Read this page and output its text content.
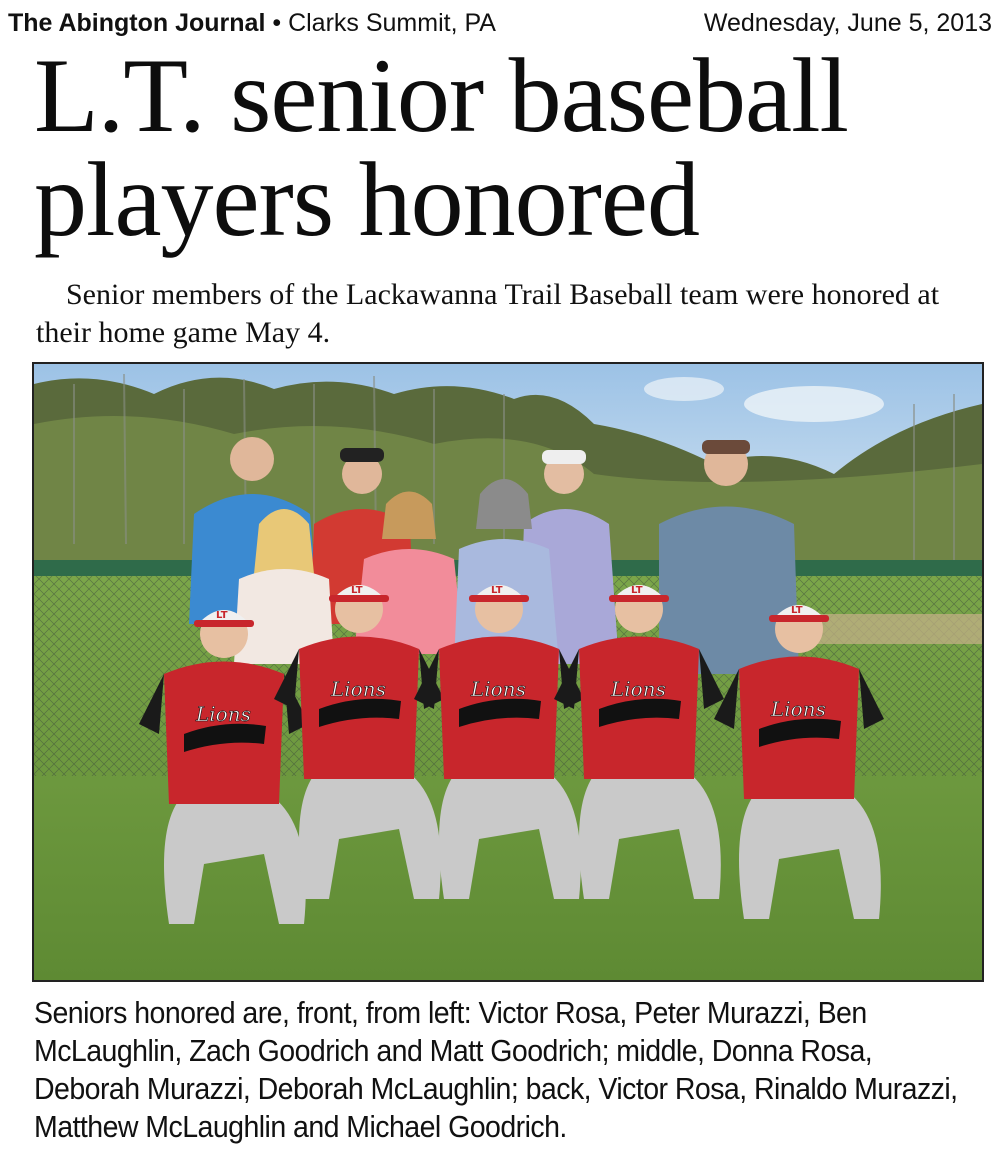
The Abington Journal • Clarks Summit, PA	Wednesday, June 5, 2013
L.T. senior baseball
players honored

Senior members of the Lackawanna Trail Baseball team were honored at their home game May 4.

Lions
LT
Lions
LT
Lions
LT
Lions
LT
Lions
LT

Seniors honored are, front, from left: Victor Rosa, Peter Murazzi, Ben McLaughlin, Zach Goodrich and Matt Goodrich; middle, Donna Rosa, Deborah Murazzi, Deborah McLaughlin; back, Victor Rosa, Rinaldo Murazzi, Matthew McLaughlin and Michael Goodrich.
